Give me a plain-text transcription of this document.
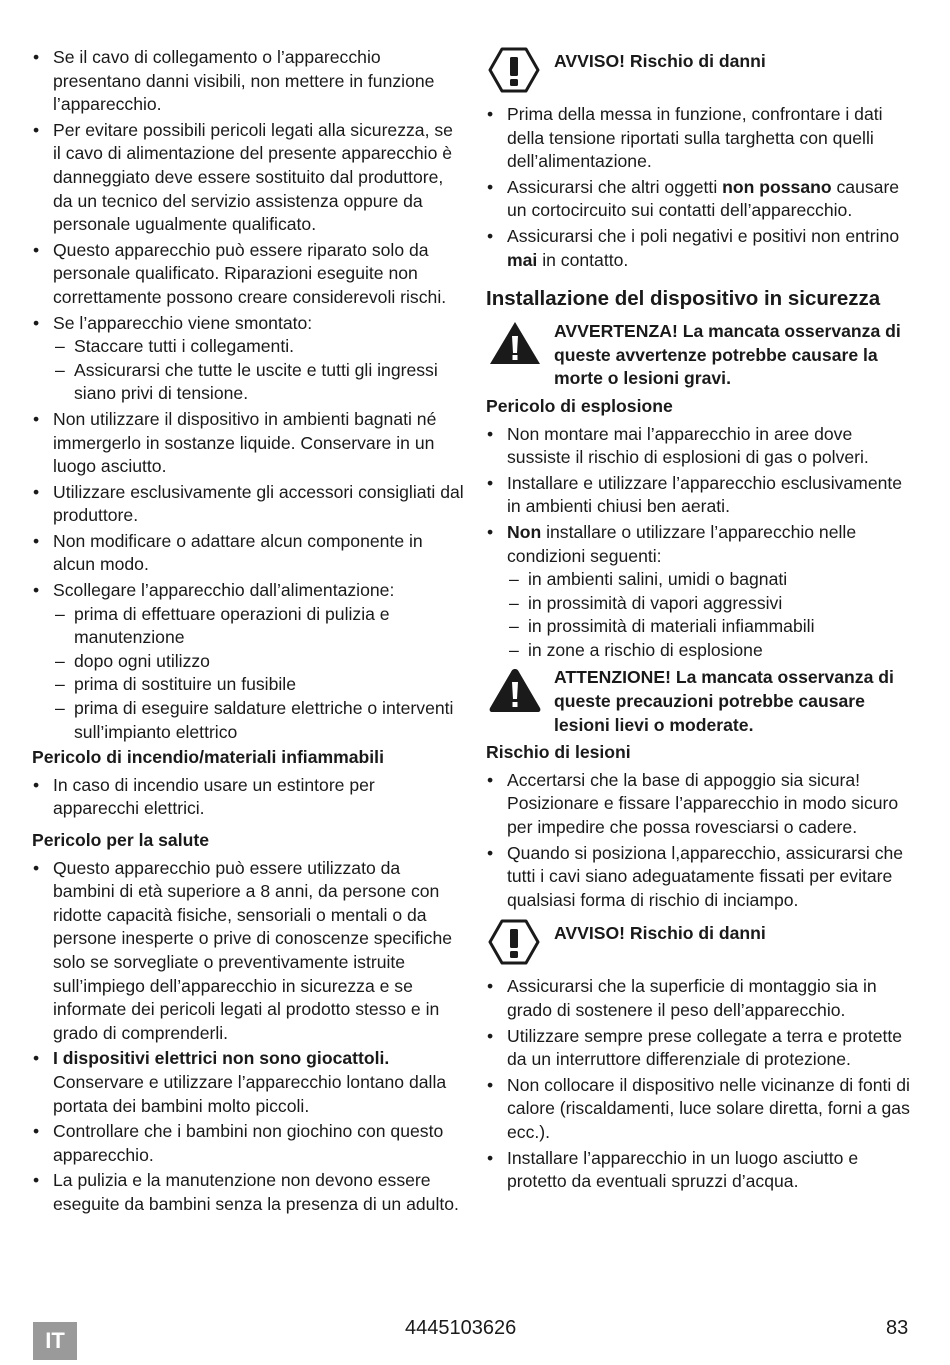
• Se il cavo di collegamento o l’apparecchio presentano danni visibili, non mettere in funzione l’apparecchio.
• Per evitare possibili pericoli legati alla sicurezza, se il cavo di alimentazione del presente apparecchio è danneggiato deve essere sostituito dal produttore, da un tecnico del servizio assistenza oppure da personale ugualmente qualificato.
• Questo apparecchio può essere riparato solo da personale qualificato. Riparazioni eseguite non correttamente possono creare considerevoli rischi.
• Se l’apparecchio viene smontato:
– Staccare tutti i collegamenti.
– Assicurarsi che tutte le uscite e tutti gli ingressi siano privi di tensione.
• Non utilizzare il dispositivo in ambienti bagnati né immergerlo in sostanze liquide. Conservare in un luogo asciutto.
• Utilizzare esclusivamente gli accessori consigliati dal produttore.
• Non modificare o adattare alcun componente in alcun modo.
• Scollegare l’apparecchio dall’alimentazione:
– prima di effettuare operazioni di pulizia e manutenzione
– dopo ogni utilizzo
– prima di sostituire un fusibile
– prima di eseguire saldature elettriche o interventi sull’impianto elettrico
Pericolo di incendio/materiali infiammabili
• In caso di incendio usare un estintore per apparecchi elettrici.
Pericolo per la salute
• Questo apparecchio può essere utilizzato da bambini di età superiore a 8 anni, da persone con ridotte capacità fisiche, sensoriali o mentali o da persone inesperte o prive di conoscenze specifiche solo se sorvegliate o preventivamente istruite sull’impiego dell’apparecchio in sicurezza e se informate dei pericoli legati al prodotto stesso e in grado di comprenderli.
• I dispositivi elettrici non sono giocattoli.
Conservare e utilizzare l’apparecchio lontano dalla portata dei bambini molto piccoli.
• Controllare che i bambini non giochino con questo apparecchio.
• La pulizia e la manutenzione non devono essere eseguite da bambini senza la presenza di un adulto.
AVVISO! Rischio di danni
• Prima della messa in funzione, confrontare i dati della tensione riportati sulla targhetta con quelli dell’alimentazione.
• Assicurarsi che altri oggetti non possano causare un cortocircuito sui contatti dell’apparecchio.
• Assicurarsi che i poli negativi e positivi non entrino mai in contatto.
Installazione del dispositivo in sicurezza
AVVERTENZA! La mancata osservanza di queste avvertenze potrebbe causare la morte o lesioni gravi.
Pericolo di esplosione
• Non montare mai l’apparecchio in aree dove sussiste il rischio di esplosioni di gas o polveri.
• Installare e utilizzare l’apparecchio esclusivamente in ambienti chiusi ben aerati.
• Non installare o utilizzare l’apparecchio nelle condizioni seguenti:
– in ambienti salini, umidi o bagnati
– in prossimità di vapori aggressivi
– in prossimità di materiali infiammabili
– in zone a rischio di esplosione
ATTENZIONE! La mancata osservanza di queste precauzioni potrebbe causare lesioni lievi o moderate.
Rischio di lesioni
• Accertarsi che la base di appoggio sia sicura! Posizionare e fissare l’apparecchio in modo sicuro per impedire che possa rovesciarsi o cadere.
• Quando si posiziona l,apparecchio, assicurarsi che tutti i cavi siano adeguatamente fissati per evitare qualsiasi forma di rischio di inciampo.
AVVISO! Rischio di danni
• Assicurarsi che la superficie di montaggio sia in grado di sostenere il peso dell’apparecchio.
• Utilizzare sempre prese collegate a terra e protette da un interruttore differenziale di protezione.
• Non collocare il dispositivo nelle vicinanze di fonti di calore (riscaldamenti, luce solare diretta, forni a gas ecc.).
• Installare l’apparecchio in un luogo asciutto e protetto da eventuali spruzzi d’acqua.
IT	4445103626	83
